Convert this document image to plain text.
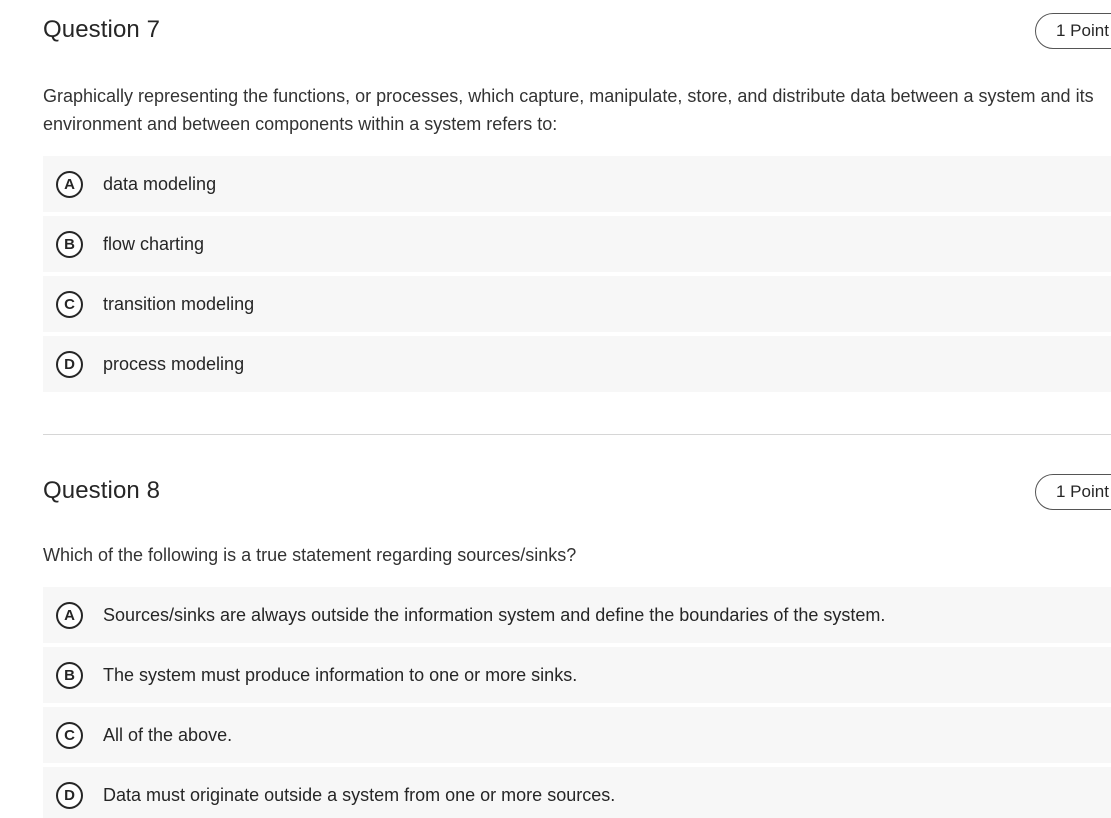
Question 7	1 Point

Graphically representing the functions, or processes, which capture, manipulate, store, and distribute data between a system and its environment and between components within a system refers to:

A	data modeling
B	flow charting
C	transition modeling
D	process modeling
Question 8	1 Point

Which of the following is a true statement regarding sources/sinks?

A	Sources/sinks are always outside the information system and define the boundaries of the system.
B	The system must produce information to one or more sinks.
C	All of the above.
D	Data must originate outside a system from one or more sources.
